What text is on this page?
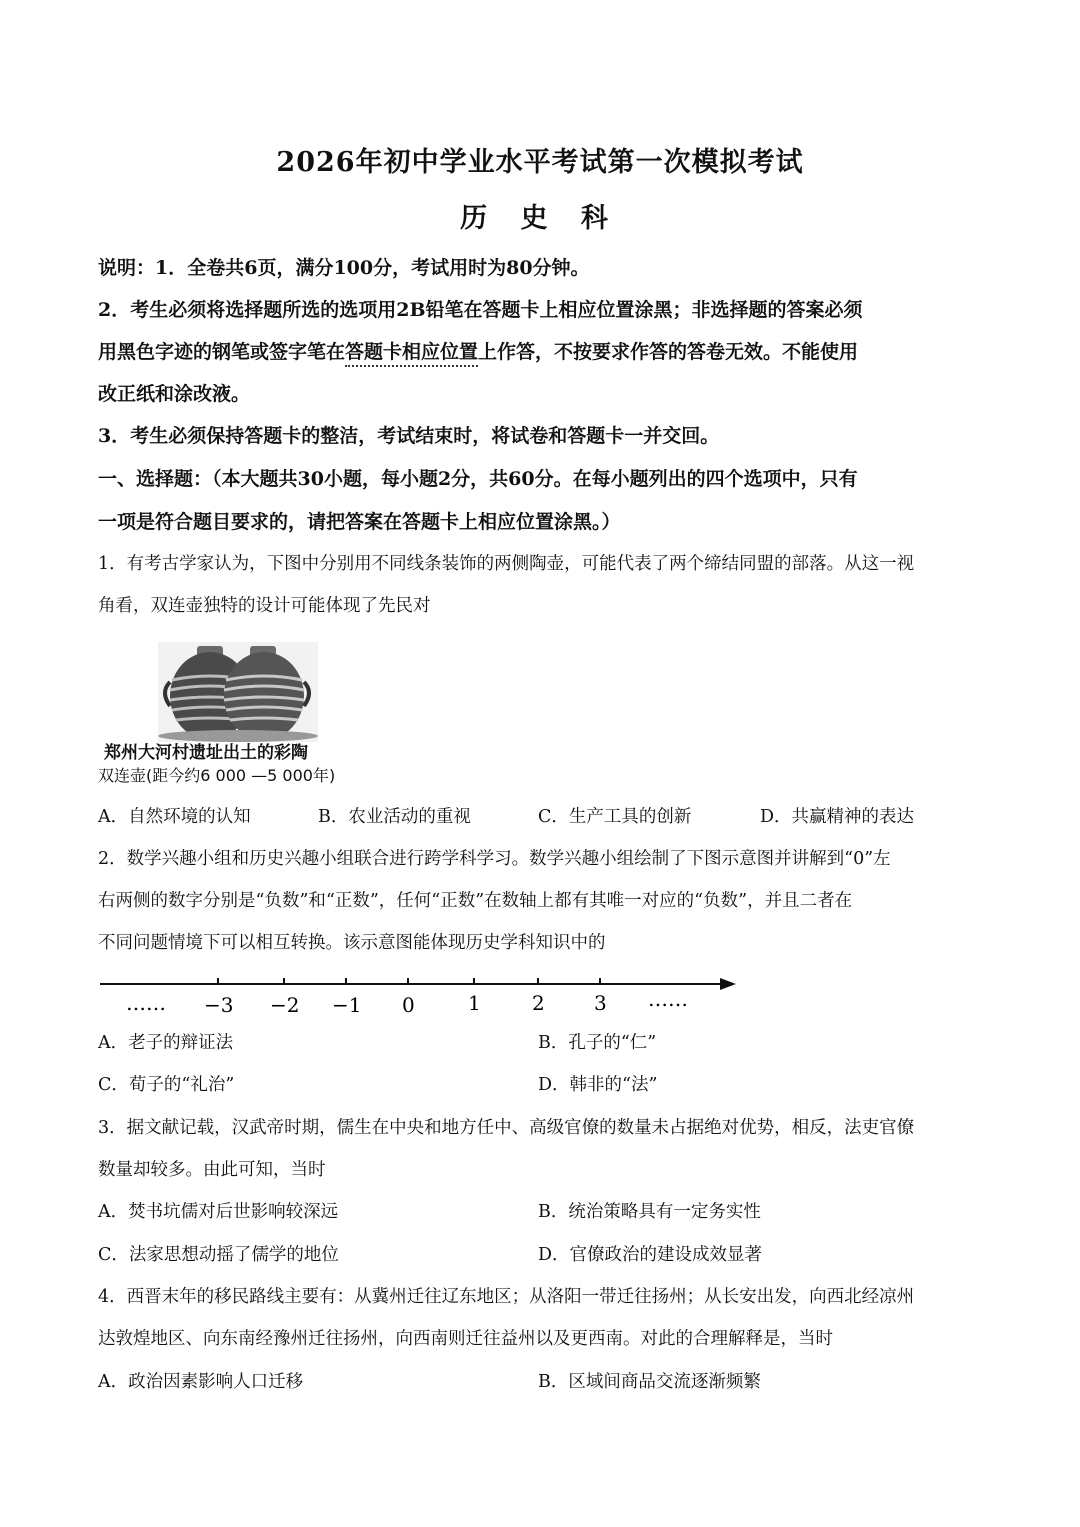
2026年初中学业水平考试第一次模拟考试
历 史 科
说明：1．全卷共6页，满分100分，考试用时为80分钟。
2．考生必须将选择题所选的选项用2B铅笔在答题卡上相应位置涂黑；非选择题的答案必须
用黑色字迹的钢笔或签字笔在答题卡相应位置上作答，不按要求作答的答卷无效。不能使用
改正纸和涂改液。
3．考生必须保持答题卡的整洁，考试结束时，将试卷和答题卡一并交回。
一、选择题：（本大题共30小题，每小题2分，共60分。在每小题列出的四个选项中，只有
一项是符合题目要求的，请把答案在答题卡上相应位置涂黑。）
1．有考古学家认为，下图中分别用不同线条装饰的两侧陶壶，可能代表了两个缔结同盟的部落。从这一视
角看，双连壶独特的设计可能体现了先民对
郑州大河村遗址出土的彩陶
双连壶(距今约6 000 —5 000年)
A．自然环境的认知	B．农业活动的重视	C．生产工具的创新	D．共赢精神的表达
2．数学兴趣小组和历史兴趣小组联合进行跨学科学习。数学兴趣小组绘制了下图示意图并讲解到“0”左
右两侧的数字分别是“负数”和“正数”，任何“正数”在数轴上都有其唯一对应的“负数”，并且二者在
不同问题情境下可以相互转换。该示意图能体现历史学科知识中的
…… −3 −2 −1 0	1	2 3 ……
A．老子的辩证法	B．孔子的“仁”
C．荀子的“礼治”	D．韩非的“法”
3．据文献记载，汉武帝时期，儒生在中央和地方任中、高级官僚的数量未占据绝对优势，相反，法吏官僚
数量却较多。由此可知，当时
A．焚书坑儒对后世影响较深远	B．统治策略具有一定务实性
C．法家思想动摇了儒学的地位	D．官僚政治的建设成效显著
4．西晋末年的移民路线主要有：从冀州迁往辽东地区；从洛阳一带迁往扬州；从长安出发，向西北经凉州
达敦煌地区、向东南经豫州迁往扬州，向西南则迁往益州以及更西南。对此的合理解释是，当时
A．政治因素影响人口迁移	B．区域间商品交流逐渐频繁
